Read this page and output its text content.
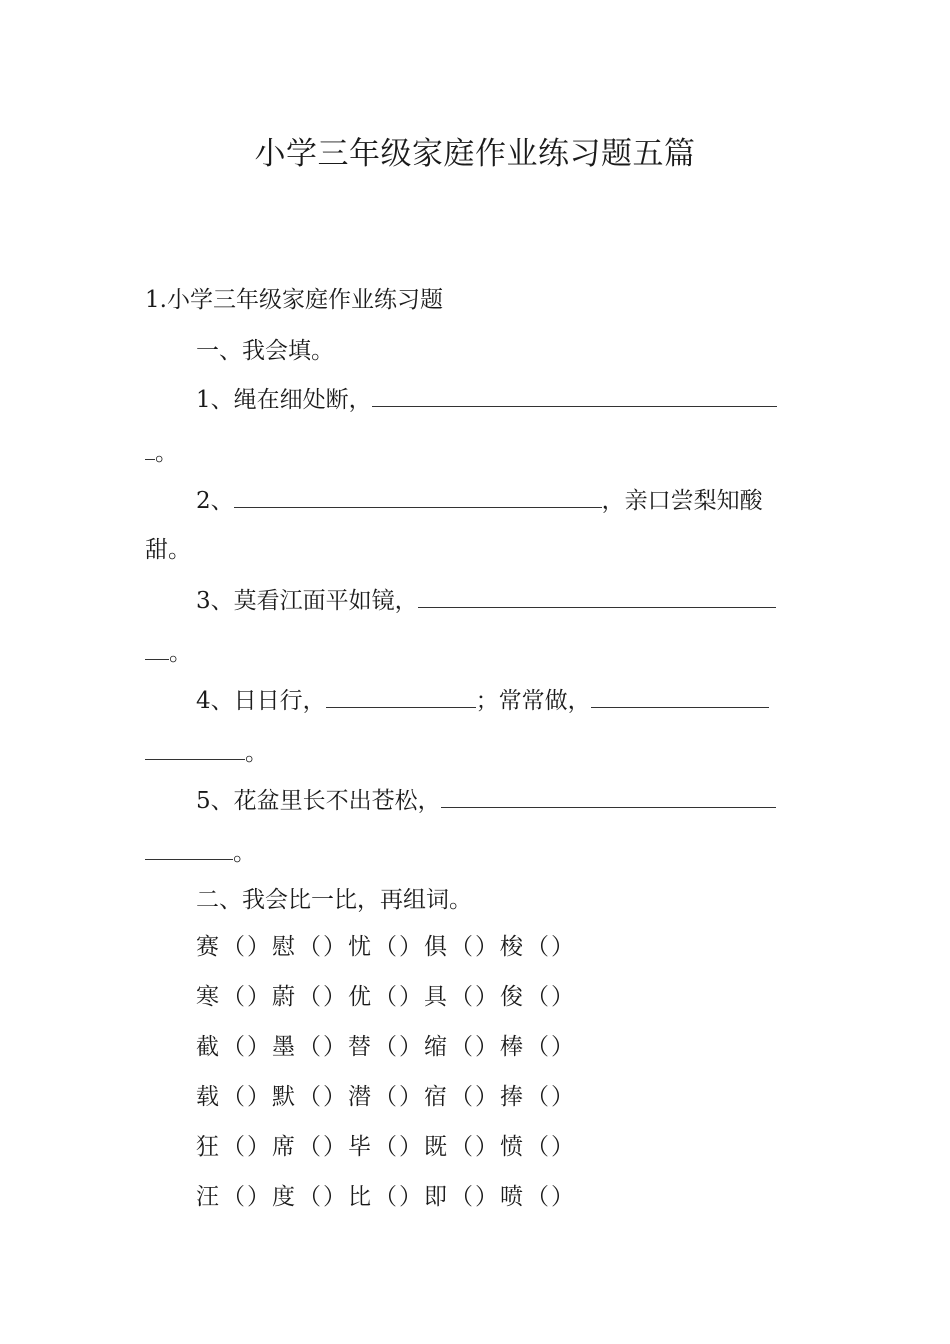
小学三年级家庭作业练习题五篇
1.小学三年级家庭作业练习题
一、我会填。
1、绳在细处断，
。
2、	，亲口尝梨知酸
甜。
3、莫看江面平如镜，
。
4、日日行，	；常常做，
。
5、花盆里长不出苍松，
。
二、我会比一比，再组词。
赛 （）慰 （）忧 （）俱 （）梭 （）
寒 （）蔚 （）优 （）具 （）俊 （）
截 （）墨 （）替 （）缩 （）棒 （）
载 （）默 （）潜 （）宿 （）捧 （）
狂 （）席 （）毕 （）既 （）愤 （）
汪 （）度 （）比 （）即 （）喷 （）
